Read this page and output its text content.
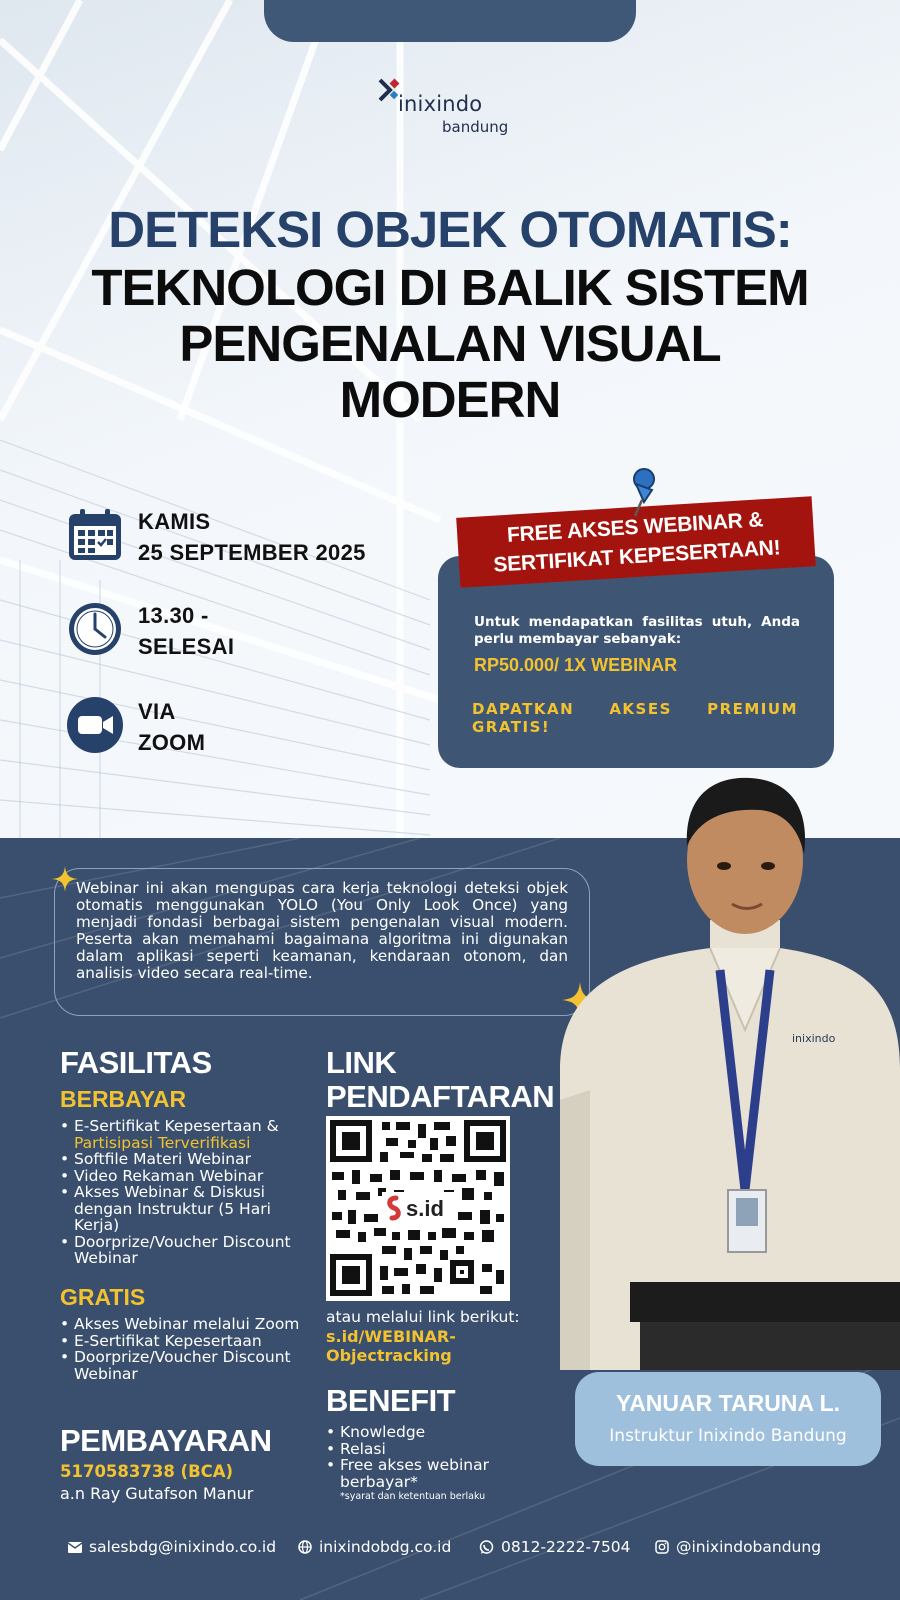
inixindo
bandung
DETEKSI OBJEK OTOMATIS:
TEKNOLOGI DI BALIK SISTEM
PENGENALAN VISUAL
MODERN
KAMIS
25 SEPTEMBER 2025
13.30 -
SELESAI
VIA
ZOOM
FREE AKSES WEBINAR &
SERTIFIKAT KEPESERTAAN!
Untuk mendapatkan fasilitas utuh, Anda perlu membayar sebanyak:
RP50.000/ 1X WEBINAR
DAPATKAN AKSES PREMIUM GRATIS!
Webinar ini akan mengupas cara kerja teknologi deteksi objek otomatis menggunakan YOLO (You Only Look Once) yang menjadi fondasi berbagai sistem pengenalan visual modern. Peserta akan memahami bagaimana algoritma ini digunakan dalam aplikasi seperti keamanan, kendaraan otonom, dan analisis video secara real-time.
FASILITAS
BERBAYAR
• E-Sertifikat Kepesertaan & Partisipasi Terverifikasi
• Softfile Materi Webinar
• Video Rekaman Webinar
• Akses Webinar & Diskusi dengan Instruktur (5 Hari Kerja)
• Doorprize/Voucher Discount Webinar
GRATIS
• Akses Webinar melalui Zoom
• E-Sertifikat Kepesertaan
• Doorprize/Voucher Discount Webinar
PEMBAYARAN
5170583738 (BCA)
a.n Ray Gutafson Manur
LINK
PENDAFTARAN
s.id
atau melalui link berikut:
s.id/WEBINAR-Objectracking
BENEFIT
• Knowledge
• Relasi
• Free akses webinar berbayar*
*syarat dan ketentuan berlaku
inixindo
YANUAR TARUNA L.
Instruktur Inixindo Bandung
salesbdg@inixindo.co.id	inixindobdg.co.id	0812-2222-7504	@inixindobandung
